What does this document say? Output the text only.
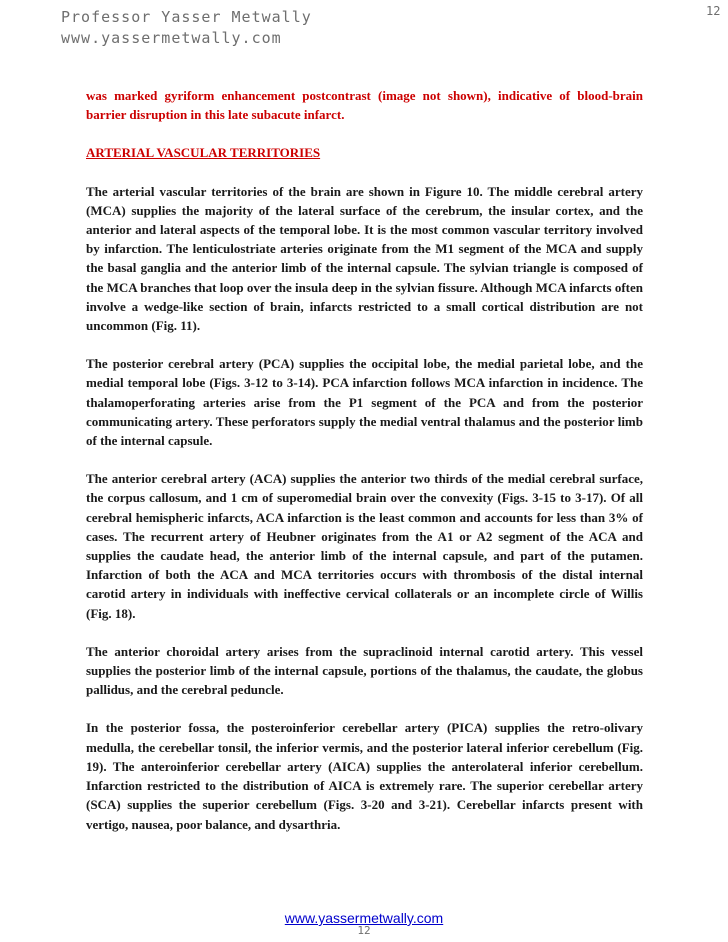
Professor Yasser Metwally
www.yassermetwally.com
12

was marked gyriform enhancement postcontrast (image not shown), indicative of blood-brain barrier disruption in this late subacute infarct.

ARTERIAL VASCULAR TERRITORIES

The arterial vascular territories of the brain are shown in Figure 10. The middle cerebral artery (MCA) supplies the majority of the lateral surface of the cerebrum, the insular cortex, and the anterior and lateral aspects of the temporal lobe. It is the most common vascular territory involved by infarction. The lenticulostriate arteries originate from the M1 segment of the MCA and supply the basal ganglia and the anterior limb of the internal capsule. The sylvian triangle is composed of the MCA branches that loop over the insula deep in the sylvian fissure. Although MCA infarcts often involve a wedge-like section of brain, infarcts restricted to a small cortical distribution are not uncommon (Fig. 11).

The posterior cerebral artery (PCA) supplies the occipital lobe, the medial parietal lobe, and the medial temporal lobe (Figs. 3-12 to 3-14). PCA infarction follows MCA infarction in incidence. The thalamoperforating arteries arise from the P1 segment of the PCA and from the posterior communicating artery. These perforators supply the medial ventral thalamus and the posterior limb of the internal capsule.

The anterior cerebral artery (ACA) supplies the anterior two thirds of the medial cerebral surface, the corpus callosum, and 1 cm of superomedial brain over the convexity (Figs. 3-15 to 3-17). Of all cerebral hemispheric infarcts, ACA infarction is the least common and accounts for less than 3% of cases. The recurrent artery of Heubner originates from the A1 or A2 segment of the ACA and supplies the caudate head, the anterior limb of the internal capsule, and part of the putamen. Infarction of both the ACA and MCA territories occurs with thrombosis of the distal internal carotid artery in individuals with ineffective cervical collaterals or an incomplete circle of Willis (Fig. 18).

The anterior choroidal artery arises from the supraclinoid internal carotid artery. This vessel supplies the posterior limb of the internal capsule, portions of the thalamus, the caudate, the globus pallidus, and the cerebral peduncle.

In the posterior fossa, the posteroinferior cerebellar artery (PICA) supplies the retro-olivary medulla, the cerebellar tonsil, the inferior vermis, and the posterior lateral inferior cerebellum (Fig. 19). The anteroinferior cerebellar artery (AICA) supplies the anterolateral inferior cerebellum. Infarction restricted to the distribution of AICA is extremely rare. The superior cerebellar artery (SCA) supplies the superior cerebellum (Figs. 3-20 and 3-21). Cerebellar infarcts present with vertigo, nausea, poor balance, and dysarthria.

www.yassermetwally.com
12
